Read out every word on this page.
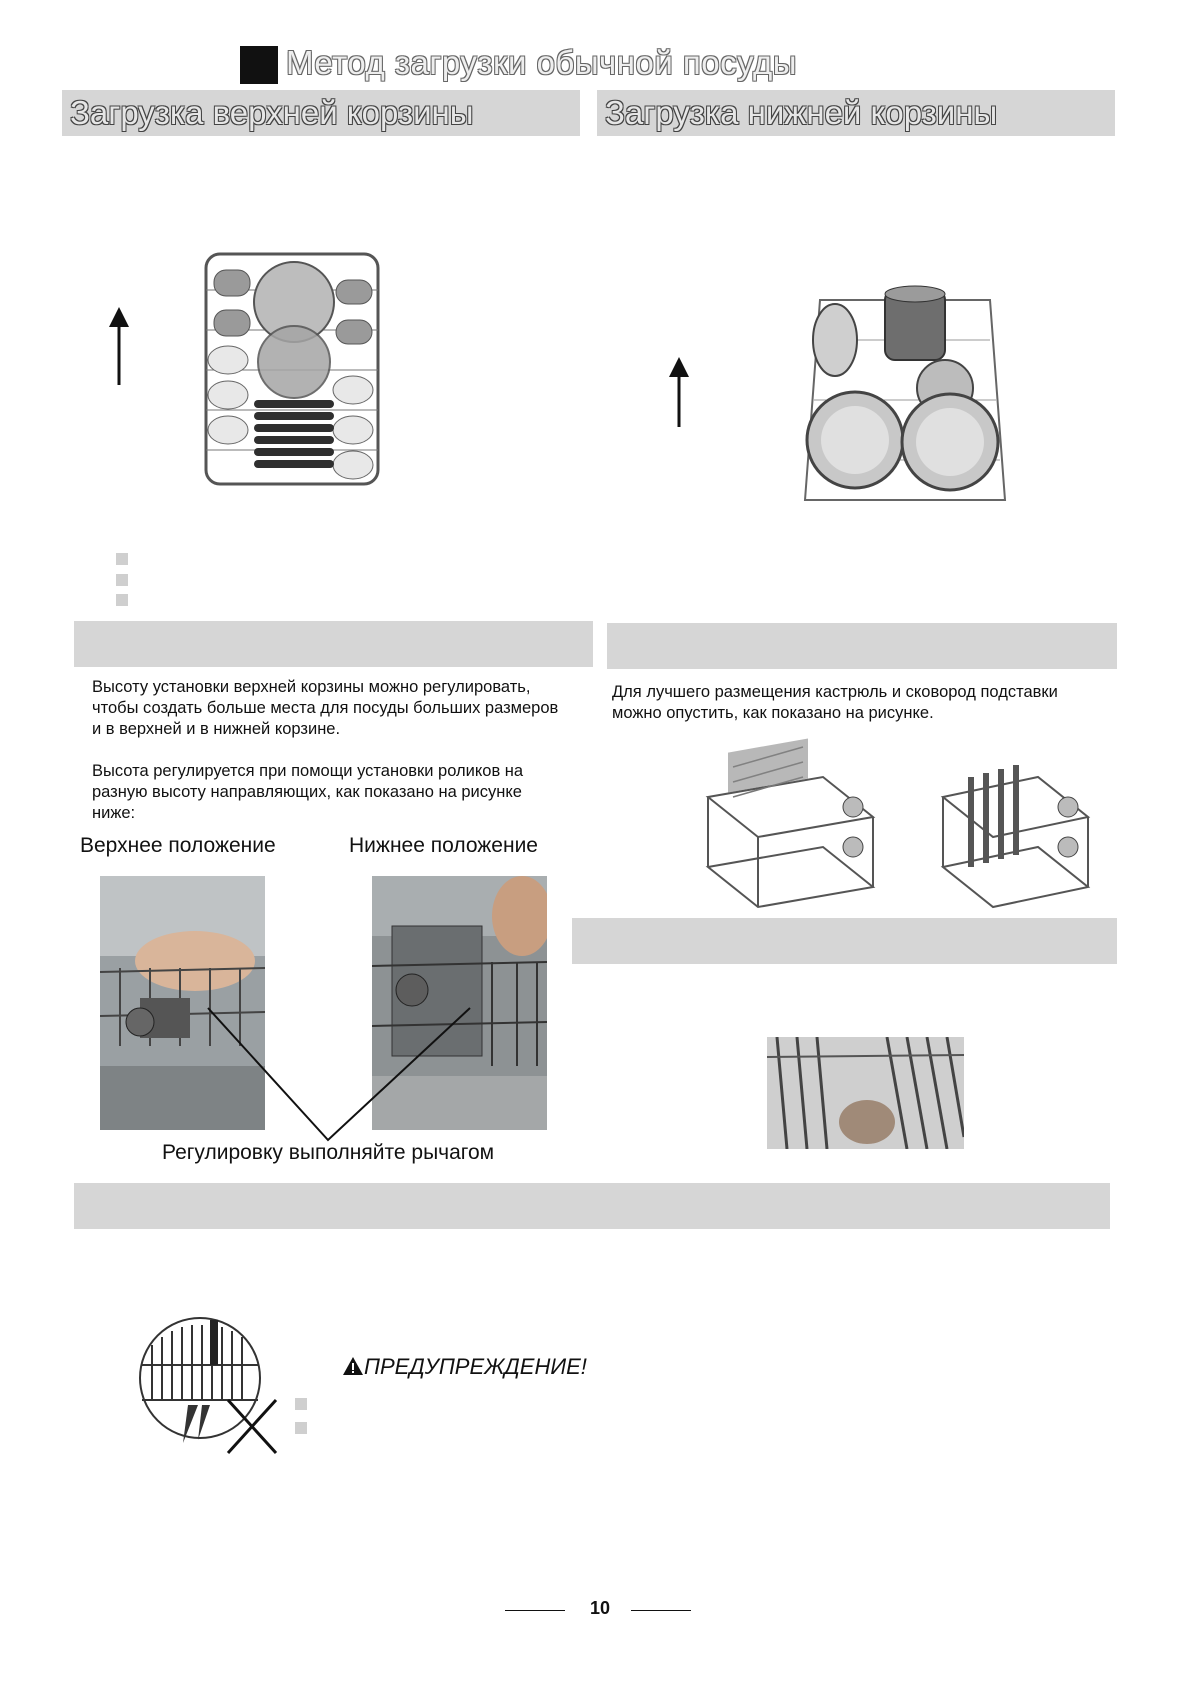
Метод загрузки обычной посуды
Загрузка верхней корзины	Загрузка нижней корзины
Высоту установки верхней корзины можно регулировать, чтобы создать больше места для посуды больших размеров и в верхней и в нижней корзине.
Высота регулируется при помощи установки роликов на разную высоту направляющих, как показано на рисунке ниже:
Верхнее положение	Нижнее положение
Регулировку выполняйте рычагом
Для лучшего размещения кастрюль и сковород подставки можно опустить, как показано на рисунке.
ПРЕДУПРЕЖДЕНИЕ!
10
